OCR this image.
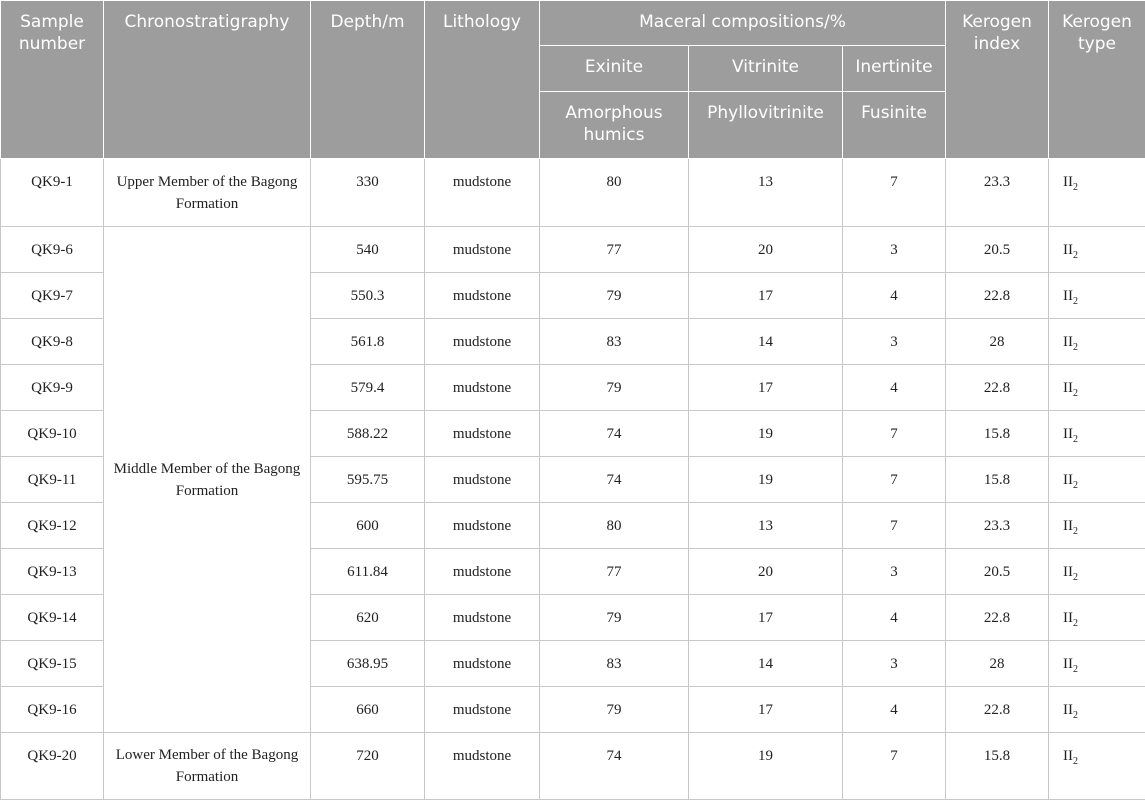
Sample number	Chronostratigraphy	Depth/m	Lithology	Maceral compositions/%			Kerogen index	Kerogen type
				Exinite	Vitrinite	Inertinite		
				Amorphous humics	Phyllovitrinite	Fusinite		
QK9-1	Upper Member of the Bagong Formation	330	mudstone	80	13	7	23.3	$II_2$
QK9-6	Middle Member of the Bagong Formation	540	mudstone	77	20	3	20.5	$II_2$
QK9-7		550.3	mudstone	79	17	4	22.8	$II_2$
QK9-8		561.8	mudstone	83	14	3	28	$II_2$
QK9-9		579.4	mudstone	79	17	4	22.8	$II_2$
QK9-10		588.22	mudstone	74	19	7	15.8	$II_2$
QK9-11		595.75	mudstone	74	19	7	15.8	$II_2$
QK9-12		600	mudstone	80	13	7	23.3	$II_2$
QK9-13		611.84	mudstone	77	20	3	20.5	$II_2$
QK9-14		620	mudstone	79	17	4	22.8	$II_2$
QK9-15		638.95	mudstone	83	14	3	28	$II_2$
QK9-16		660	mudstone	79	17	4	22.8	$II_2$
QK9-20	Lower Member of the Bagong Formation	720	mudstone	74	19	7	15.8	$II_2$
